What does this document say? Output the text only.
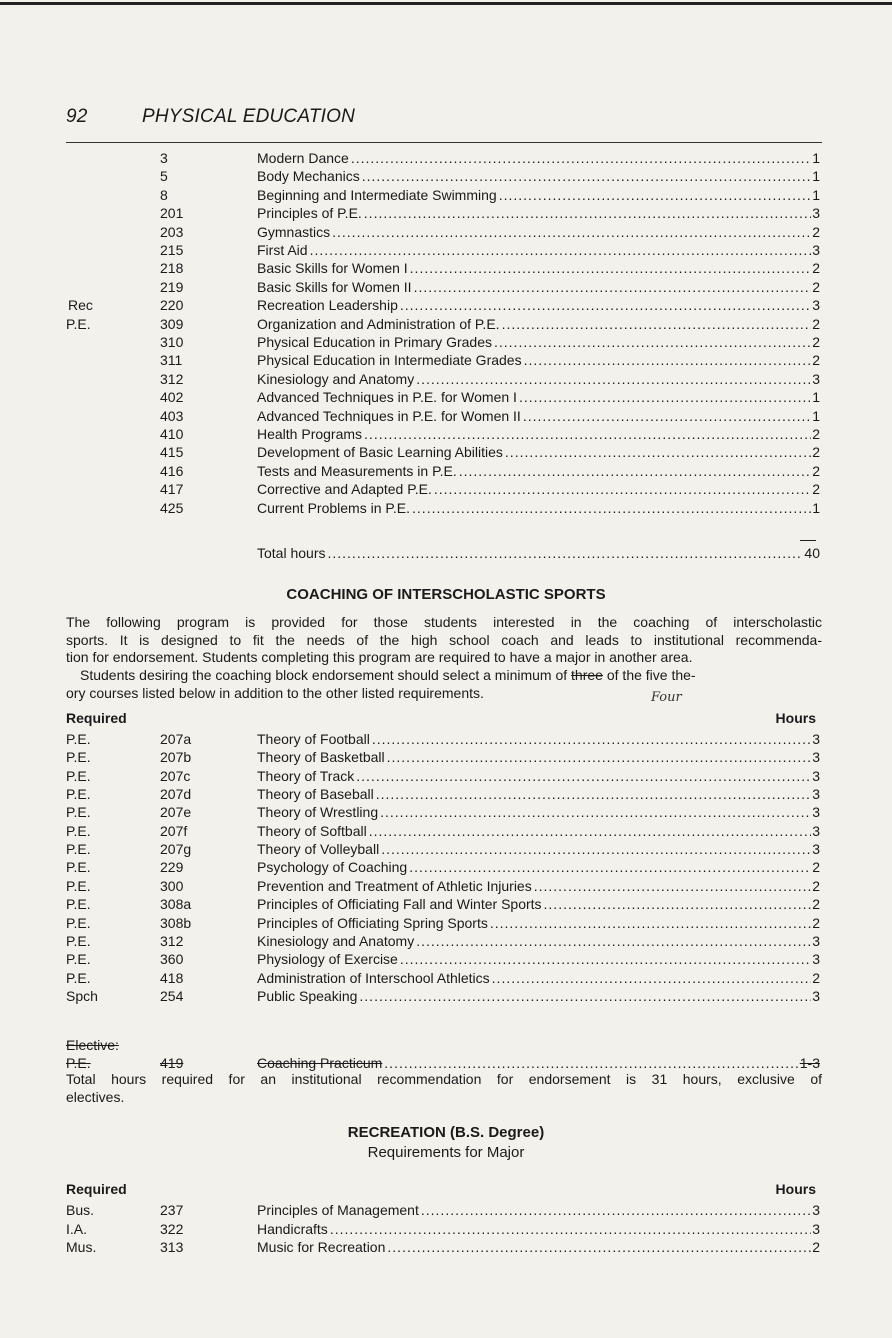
92	PHYSICAL EDUCATION
3	Modern Dance .....	1
5	Body Mechanics .....	1
8	Beginning and Intermediate Swimming .....	1
201	Principles of P.E. .....	3
203	Gymnastics .....	2
215	First Aid .....	3
218	Basic Skills for Women I .....	2
219	Basic Skills for Women II .....	2
Rec	220	Recreation Leadership .....	3
P.E.	309	Organization and Administration of P.E. .....	2
310	Physical Education in Primary Grades .....	2
311	Physical Education in Intermediate Grades .....	2
312	Kinesiology and Anatomy .....	3
402	Advanced Techniques in P.E. for Women I .....	1
403	Advanced Techniques in P.E. for Women II .....	1
410	Health Programs .....	2
415	Development of Basic Learning Abilities .....	2
416	Tests and Measurements in P.E. .....	2
417	Corrective and Adapted P.E. .....	2
425	Current Problems in P.E. .....	1
Total hours .....	40
COACHING OF INTERSCHOLASTIC SPORTS
The following program is provided for those students interested in the coaching of interscholastic
sports. It is designed to fit the needs of the high school coach and leads to institutional recommenda-
tion for endorsement. Students completing this program are required to have a major in another area.
Students desiring the coaching block endorsement should select a minimum of three of the five the-
ory courses listed below in addition to the other listed requirements.	Four
Required	Hours
P.E.	207a	Theory of Football .....	3
P.E.	207b	Theory of Basketball .....	3
P.E.	207c	Theory of Track .....	3
P.E.	207d	Theory of Baseball .....	3
P.E.	207e	Theory of Wrestling .....	3
P.E.	207f	Theory of Softball .....	3
P.E.	207g	Theory of Volleyball .....	3
P.E.	229	Psychology of Coaching .....	2
P.E.	300	Prevention and Treatment of Athletic Injuries .....	2
P.E.	308a	Principles of Officiating Fall and Winter Sports .....	2
P.E.	308b	Principles of Officiating Spring Sports .....	2
P.E.	312	Kinesiology and Anatomy .....	3
P.E.	360	Physiology of Exercise .....	3
P.E.	418	Administration of Interschool Athletics .....	2
Spch	254	Public Speaking .....	3
Elective:
P.E.	419	Coaching Practicum .....	1-3
Total hours required for an institutional recommendation for endorsement is 31 hours, exclusive of
electives.
RECREATION (B.S. Degree)
Requirements for Major
Required	Hours
Bus.	237	Principles of Management .....	3
I.A.	322	Handicrafts .....	3
Mus.	313	Music for Recreation .....	2
